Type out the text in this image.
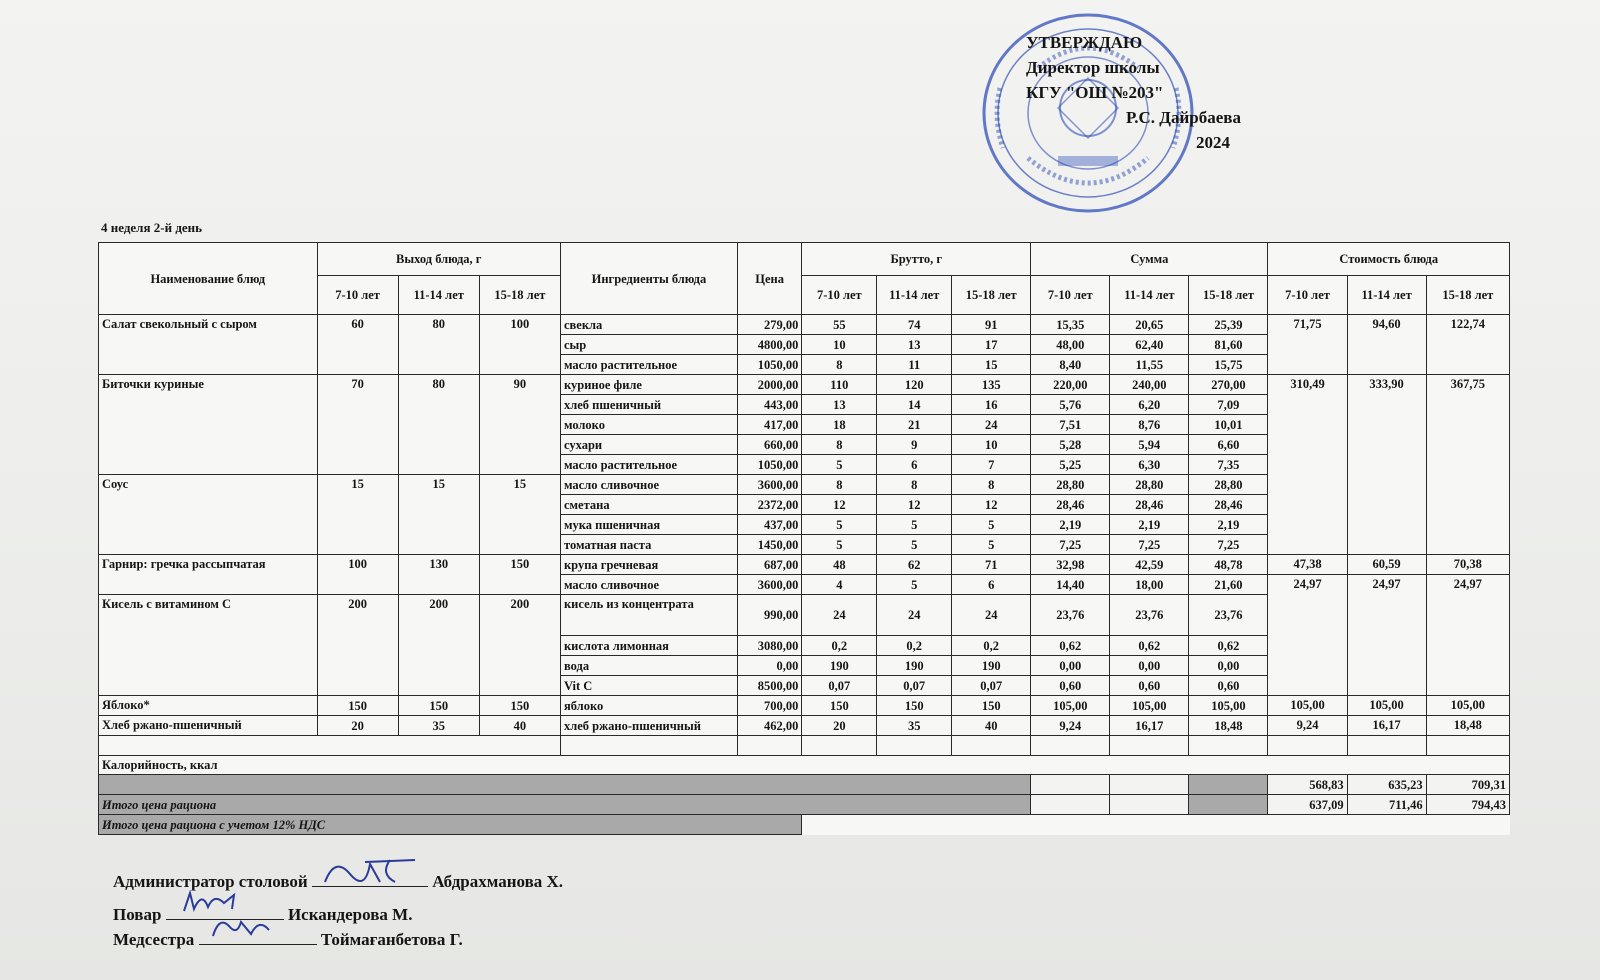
УТВЕРЖДАЮ
Директор школы
КГУ "ОШ №203"
Р.С. Дайрбаева
2024
4 неделя 2-й день
Наименование блюд	Выход блюда, г			Ингредиенты блюда	Цена	Брутто, г			Сумма			Стоимость блюда		
	7-10 лет	11-14 лет	15-18 лет			7-10 лет	11-14 лет	15-18 лет	7-10 лет	11-14 лет	15-18 лет	7-10 лет	11-14 лет	15-18 лет
Салат свекольный с сыром	60	80	100	свекла	279,00	55	74	91	15,35	20,65	25,39	71,75	94,60	122,74
				сыр	4800,00	10	13	17	48,00	62,40	81,60			
				масло растительное	1050,00	8	11	15	8,40	11,55	15,75			
Биточки куриные	70	80	90	куриное филе	2000,00	110	120	135	220,00	240,00	270,00	310,49	333,90	367,75
				хлеб пшеничный	443,00	13	14	16	5,76	6,20	7,09			
				молоко	417,00	18	21	24	7,51	8,76	10,01			
				сухари	660,00	8	9	10	5,28	5,94	6,60			
				масло растительное	1050,00	5	6	7	5,25	6,30	7,35			
Соус	15	15	15	масло сливочное	3600,00	8	8	8	28,80	28,80	28,80			
				сметана	2372,00	12	12	12	28,46	28,46	28,46			
				мука пшеничная	437,00	5	5	5	2,19	2,19	2,19			
				томатная паста	1450,00	5	5	5	7,25	7,25	7,25			
Гарнир: гречка рассыпчатая	100	130	150	крупа гречневая	687,00	48	62	71	32,98	42,59	48,78	47,38	60,59	70,38
				масло сливочное	3600,00	4	5	6	14,40	18,00	21,60	24,97	24,97	24,97
Кисель с витамином С	200	200	200	кисель из концентрата	990,00	24	24	24	23,76	23,76	23,76			
				кислота лимонная	3080,00	0,2	0,2	0,2	0,62	0,62	0,62			
				вода	0,00	190	190	190	0,00	0,00	0,00			
				Vit C	8500,00	0,07	0,07	0,07	0,60	0,60	0,60			
Яблоко*	150	150	150	яблоко	700,00	150	150	150	105,00	105,00	105,00	105,00	105,00	105,00
Хлеб ржано-пшеничный	20	35	40	хлеб ржано-пшеничный	462,00	20	35	40	9,24	16,17	18,48	9,24	16,17	18,48

Калорийность, ккал														
												568,83	635,23	709,31
Итого цена рациона												637,09	711,46	794,43
Итого цена рациона с учетом 12% НДС														
Администратор столовой	Абдрахманова Х.
Повар	Искандерова М.
Медсестра	Тоймағанбетова Г.
